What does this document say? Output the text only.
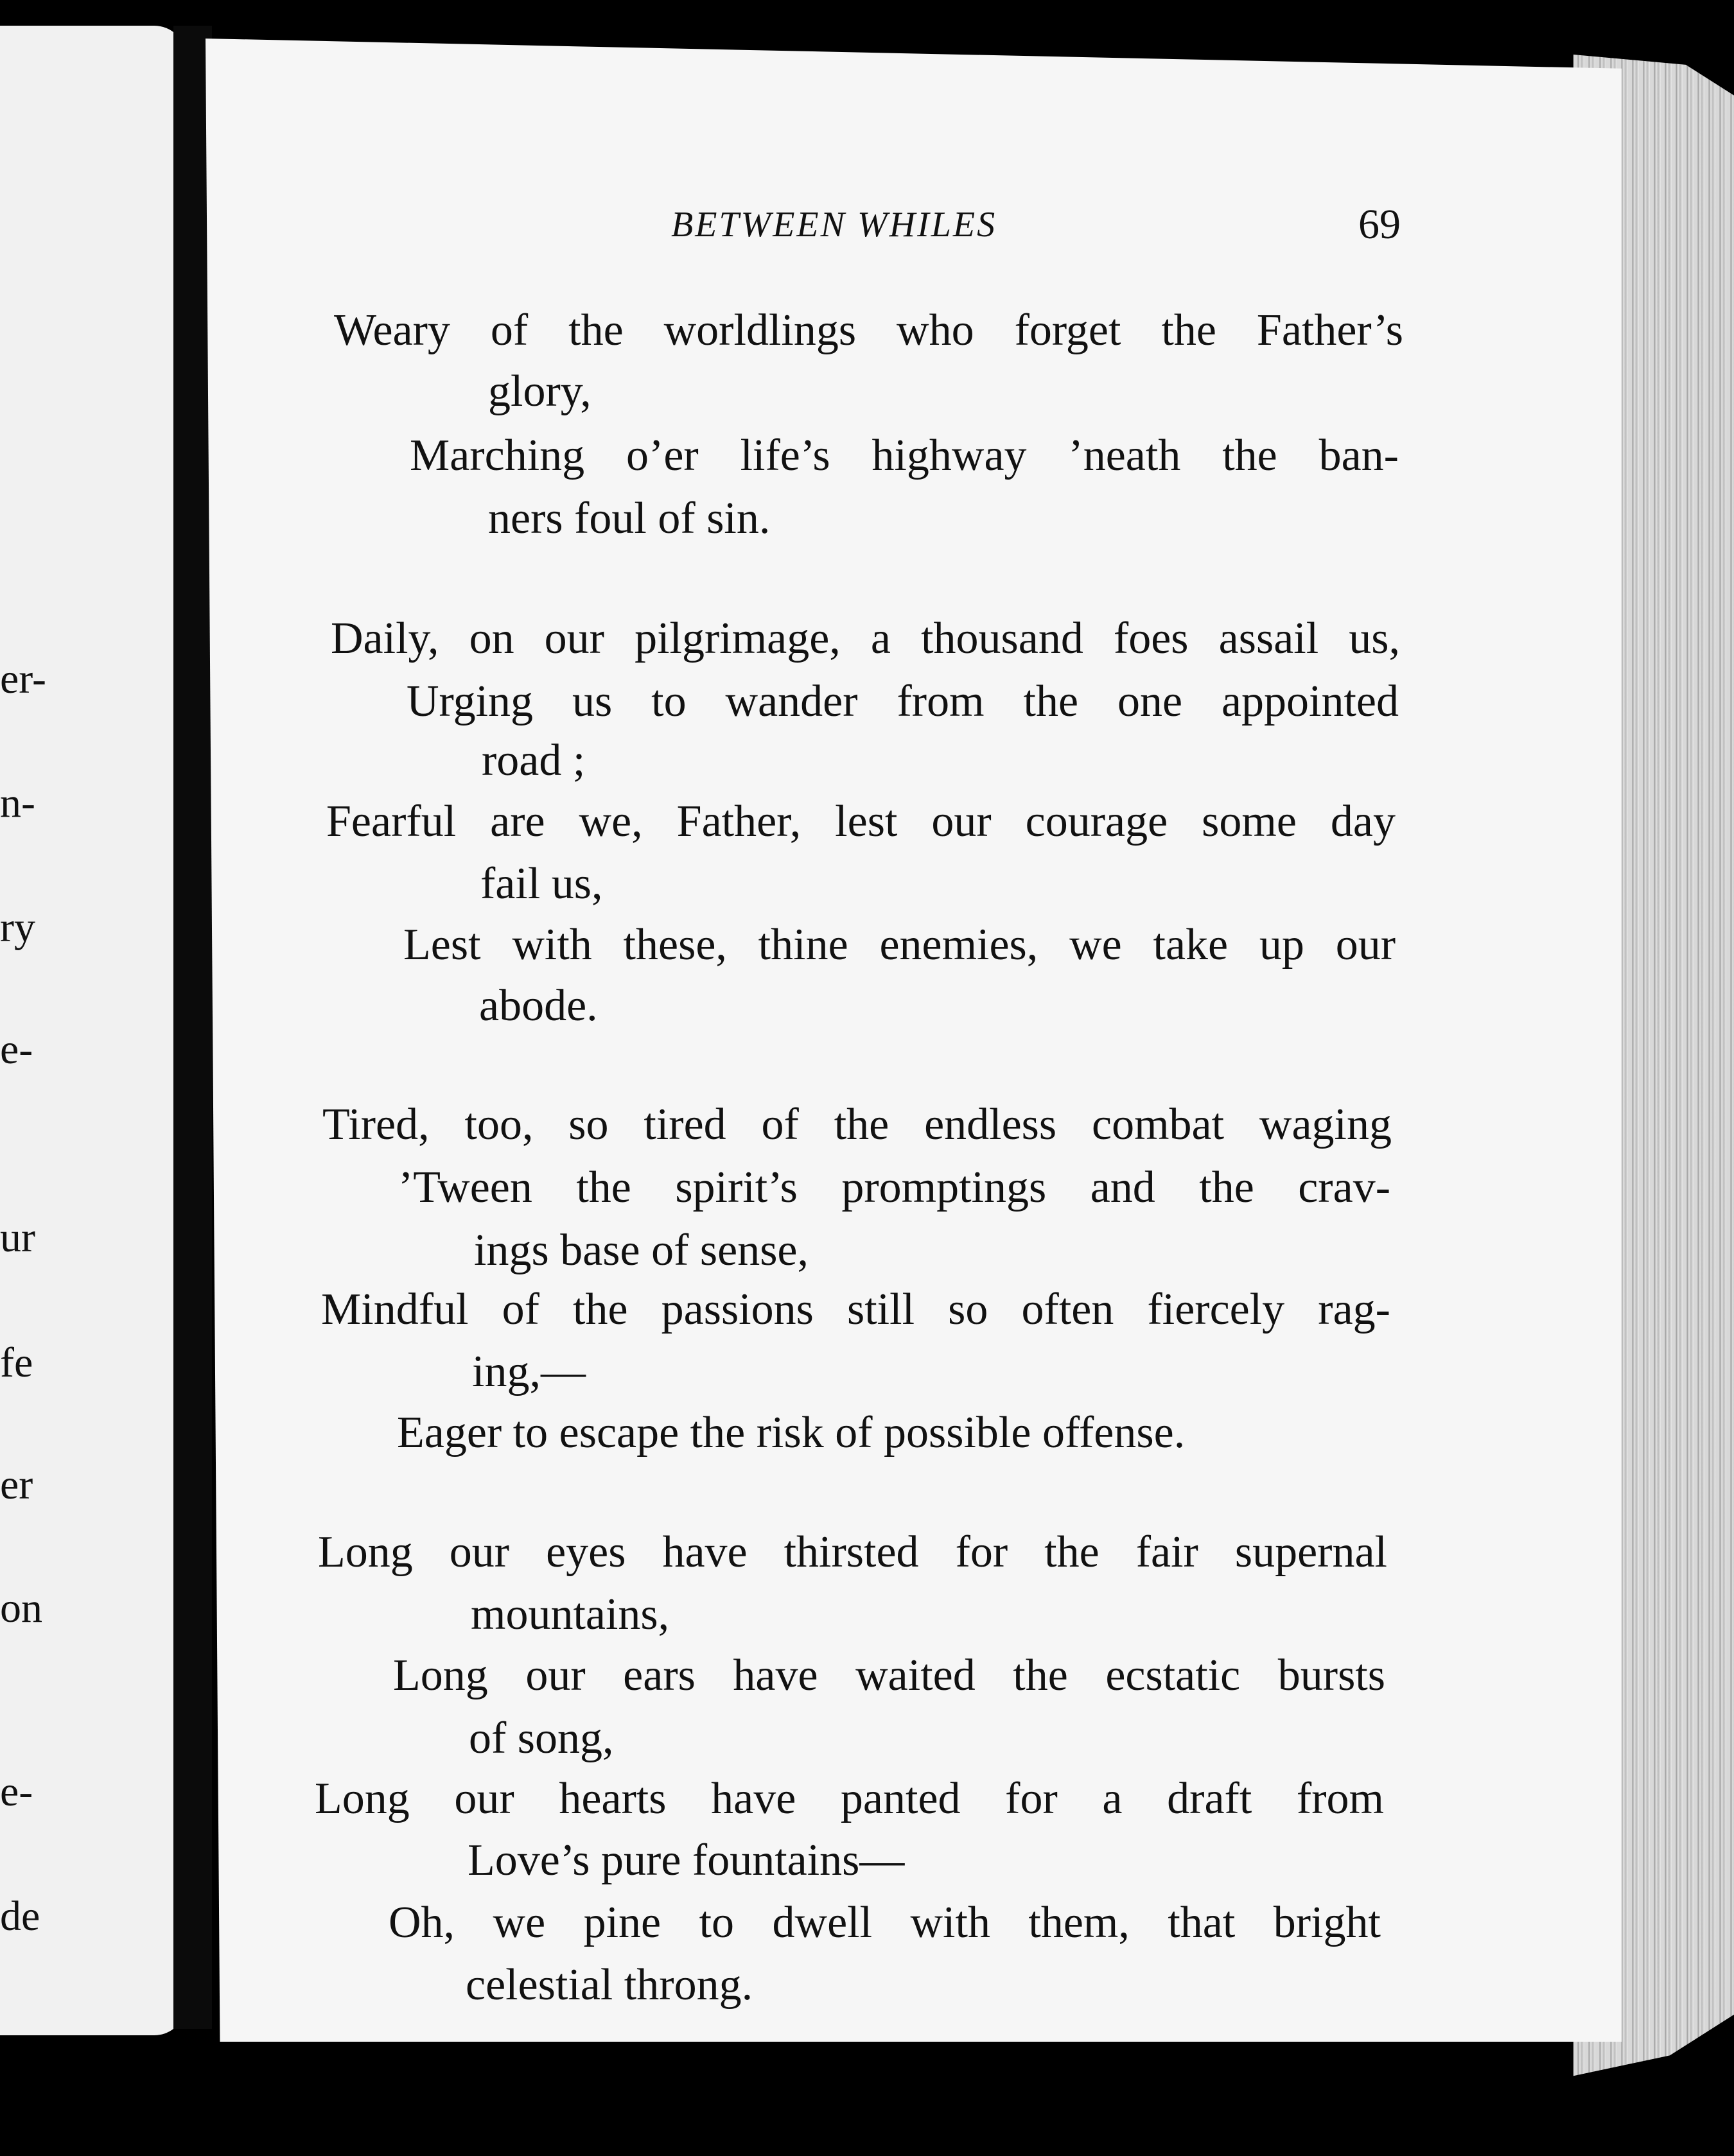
er-
n-
ry
e-
ur
fe
er
on
e-
de
BETWEEN WHILES	69
Weary of the worldlings who forget the Father’s
glory,
Marching o’er life’s highway ’neath the ban-
ners foul of sin.
Daily, on our pilgrimage, a thousand foes assail us,
Urging us to wander from the one appointed
road ;
Fearful are we, Father, lest our courage some day
fail us,
Lest with these, thine enemies, we take up our
abode.
Tired, too, so tired of the endless combat waging
’Tween the spirit’s promptings and the crav-
ings base of sense,
Mindful of the passions still so often fiercely rag-
ing,—
Eager to escape the risk of possible offense.
Long our eyes have thirsted for the fair supernal
mountains,
Long our ears have waited the ecstatic bursts
of song,
Long our hearts have panted for a draft from
Love’s pure fountains—
Oh, we pine to dwell with them, that bright
celestial throng.
